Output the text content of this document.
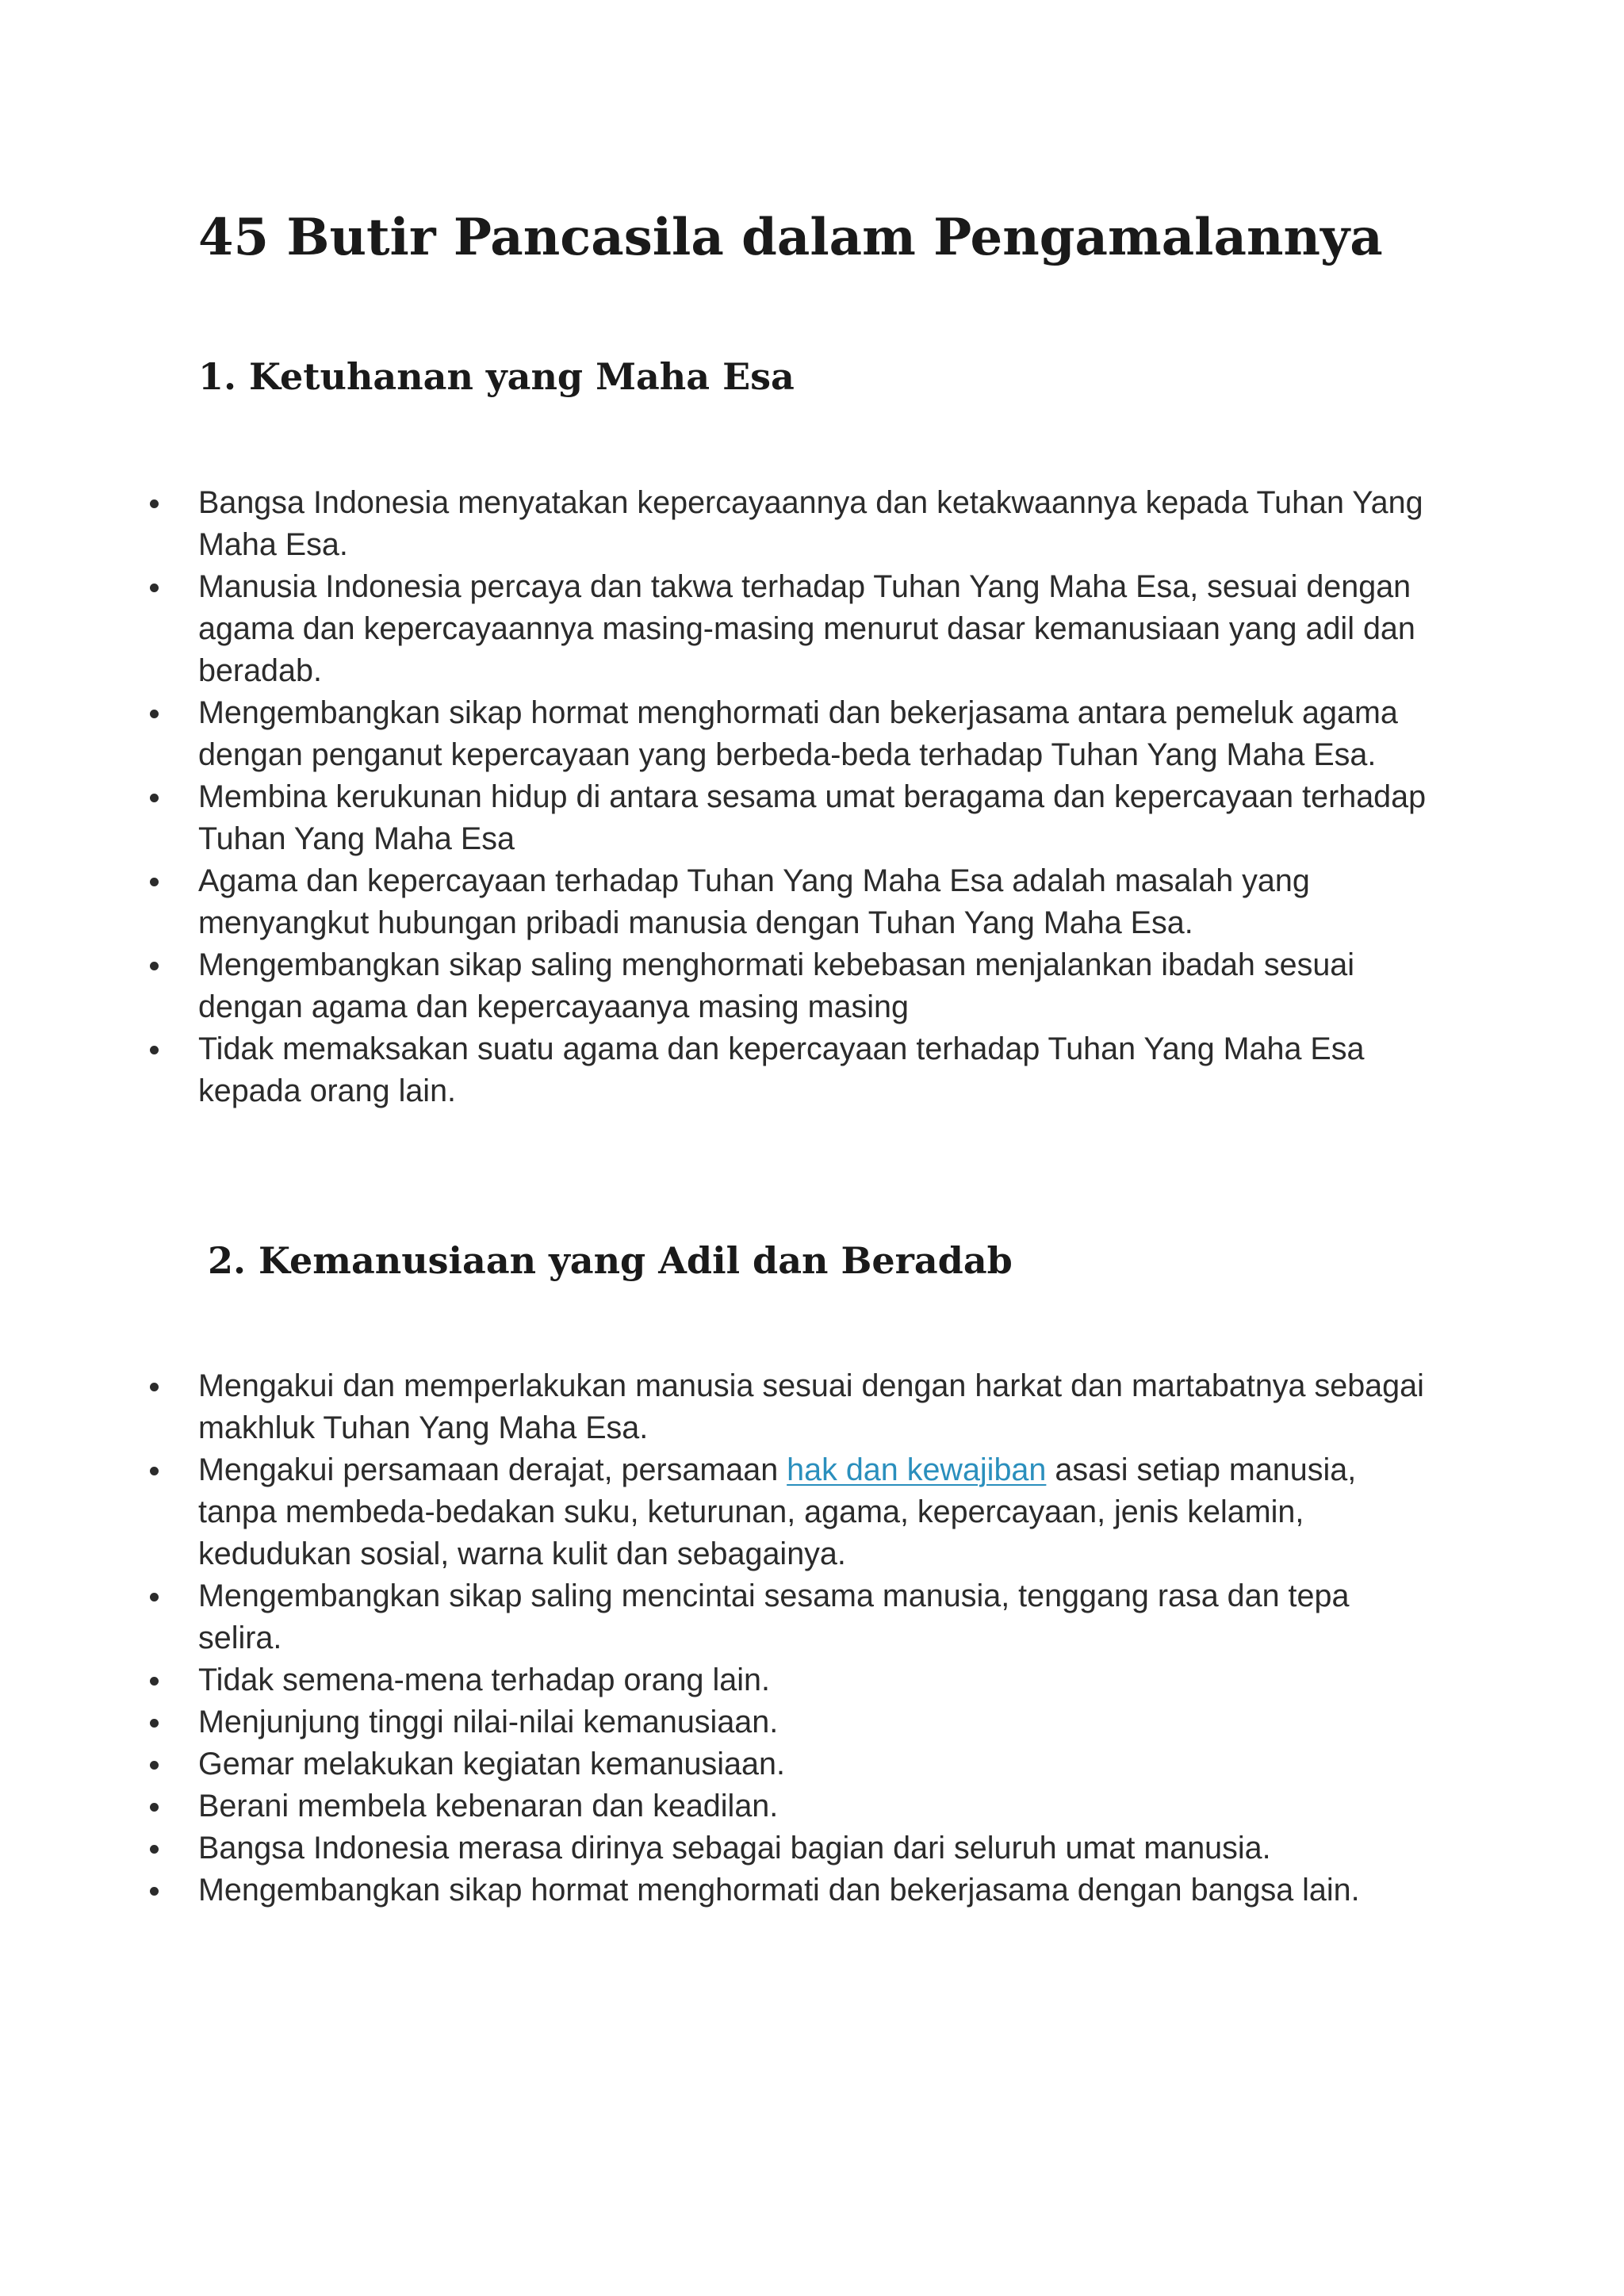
45 Butir Pancasila dalam Pengamalannya
1. Ketuhanan yang Maha Esa
Bangsa Indonesia menyatakan kepercayaannya dan ketakwaannya kepada Tuhan Yang Maha Esa.
Manusia Indonesia percaya dan takwa terhadap Tuhan Yang Maha Esa, sesuai dengan agama dan kepercayaannya masing-masing menurut dasar kemanusiaan yang adil dan beradab.
Mengembangkan sikap hormat menghormati dan bekerjasama antara pemeluk agama dengan penganut kepercayaan yang berbeda-beda terhadap Tuhan Yang Maha Esa.
Membina kerukunan hidup di antara sesama umat beragama dan kepercayaan terhadap Tuhan Yang Maha Esa
Agama dan kepercayaan terhadap Tuhan Yang Maha Esa adalah masalah yang menyangkut hubungan pribadi manusia dengan Tuhan Yang Maha Esa.
Mengembangkan sikap saling menghormati kebebasan menjalankan ibadah sesuai dengan agama dan kepercayaanya masing masing
Tidak memaksakan suatu agama dan kepercayaan terhadap Tuhan Yang Maha Esa kepada orang lain.
2. Kemanusiaan yang Adil dan Beradab
Mengakui dan memperlakukan manusia sesuai dengan harkat dan martabatnya sebagai makhluk Tuhan Yang Maha Esa.
Mengakui persamaan derajat, persamaan hak dan kewajiban asasi setiap manusia, tanpa membeda-bedakan suku, keturunan, agama, kepercayaan, jenis kelamin, kedudukan sosial, warna kulit dan sebagainya.
Mengembangkan sikap saling mencintai sesama manusia, tenggang rasa dan tepa selira.
Tidak semena-mena terhadap orang lain.
Menjunjung tinggi nilai-nilai kemanusiaan.
Gemar melakukan kegiatan kemanusiaan.
Berani membela kebenaran dan keadilan.
Bangsa Indonesia merasa dirinya sebagai bagian dari seluruh umat manusia.
Mengembangkan sikap hormat menghormati dan bekerjasama dengan bangsa lain.
